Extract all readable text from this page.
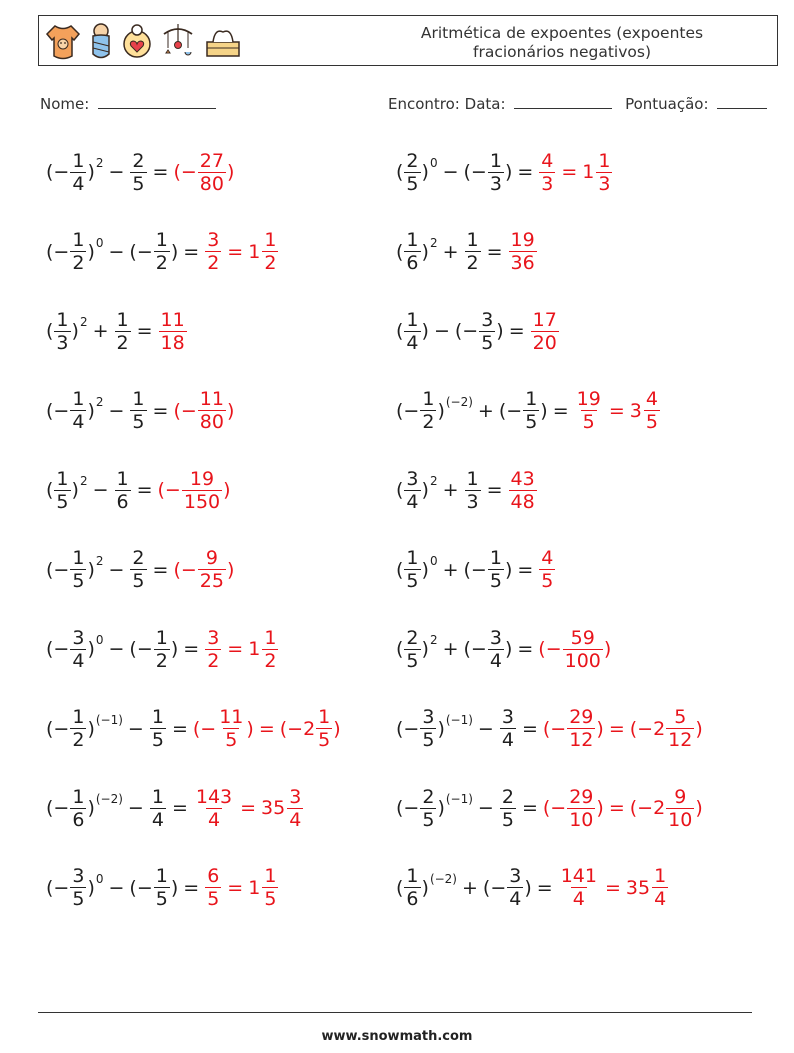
Aritmética de expoentes (expoentes fracionários negativos)
Nome:	Encontro: Data:	Pontuação:
(− $\frac{1}{4}$ ) $2 - \frac{2}{5}$ = (− $\frac{27}{80}$ )	( $\frac{2}{5}$ ) 0 − (− $\frac{1}{3}$ ) = $\frac{4}{3} = 1 \frac{1}{3}$
(− $\frac{1}{2}$ ) 0 − (− $\frac{1}{2}$ ) = $\frac{3}{2} = 1 \frac{1}{2}$	( $\frac{1}{6}$ ) $2 + \frac{1}{2} = \frac{19}{36}$
( $\frac{1}{3}$ ) $2 + \frac{1}{2} = \frac{11}{18}$	( $\frac{1}{4}$ ) − (− $\frac{3}{5}$ ) = $\frac{17}{20}$
(− $\frac{1}{4}$ ) $2 - \frac{1}{5}$ = (− $\frac{11}{80}$ )	(− $\frac{1}{2}$ ) (−2) + (− $\frac{1}{5}$ ) = $\frac{19}{5} = 3 \frac{4}{5}$
( $\frac{1}{5}$ ) $2 - \frac{1}{6}$ = (− $\frac{19}{150}$ )	( $\frac{3}{4}$ ) $2 + \frac{1}{3} = \frac{43}{48}$
(− $\frac{1}{5}$ ) $2 - \frac{2}{5}$ = (− $\frac{9}{25}$ )	( $\frac{1}{5}$ ) 0 + (− $\frac{1}{5}$ ) = $\frac{4}{5}$
(− $\frac{3}{4}$ ) 0 − (− $\frac{1}{2}$ ) = $\frac{3}{2} = 1 \frac{1}{2}$	( $\frac{2}{5}$ ) 2 + (− $\frac{3}{4}$ ) = (− $\frac{59}{100}$ )
(− $\frac{1}{2}$ ) $(-1) - \frac{1}{5}$ = (− $\frac{11}{5}$ ) = ($-2 \frac{1}{5}$ )	(− $\frac{3}{5}$ ) $(-1) - \frac{3}{4}$ = (− $\frac{29}{12}$ ) = ($-2 \frac{5}{12}$ )
(− $\frac{1}{6}$ ) $(-2) - \frac{1}{4} = \frac{143}{4} = 35 \frac{3}{4}$	(− $\frac{2}{5}$ ) $(-1) - \frac{2}{5}$ = (− $\frac{29}{10}$ ) = ($-2 \frac{9}{10}$ )
(− $\frac{3}{5}$ ) 0 − (− $\frac{1}{5}$ ) = $\frac{6}{5} = 1 \frac{1}{5}$	( $\frac{1}{6}$ ) (−2) + (− $\frac{3}{4}$ ) = $\frac{141}{4} = 35 \frac{1}{4}$
www.snowmath.com
